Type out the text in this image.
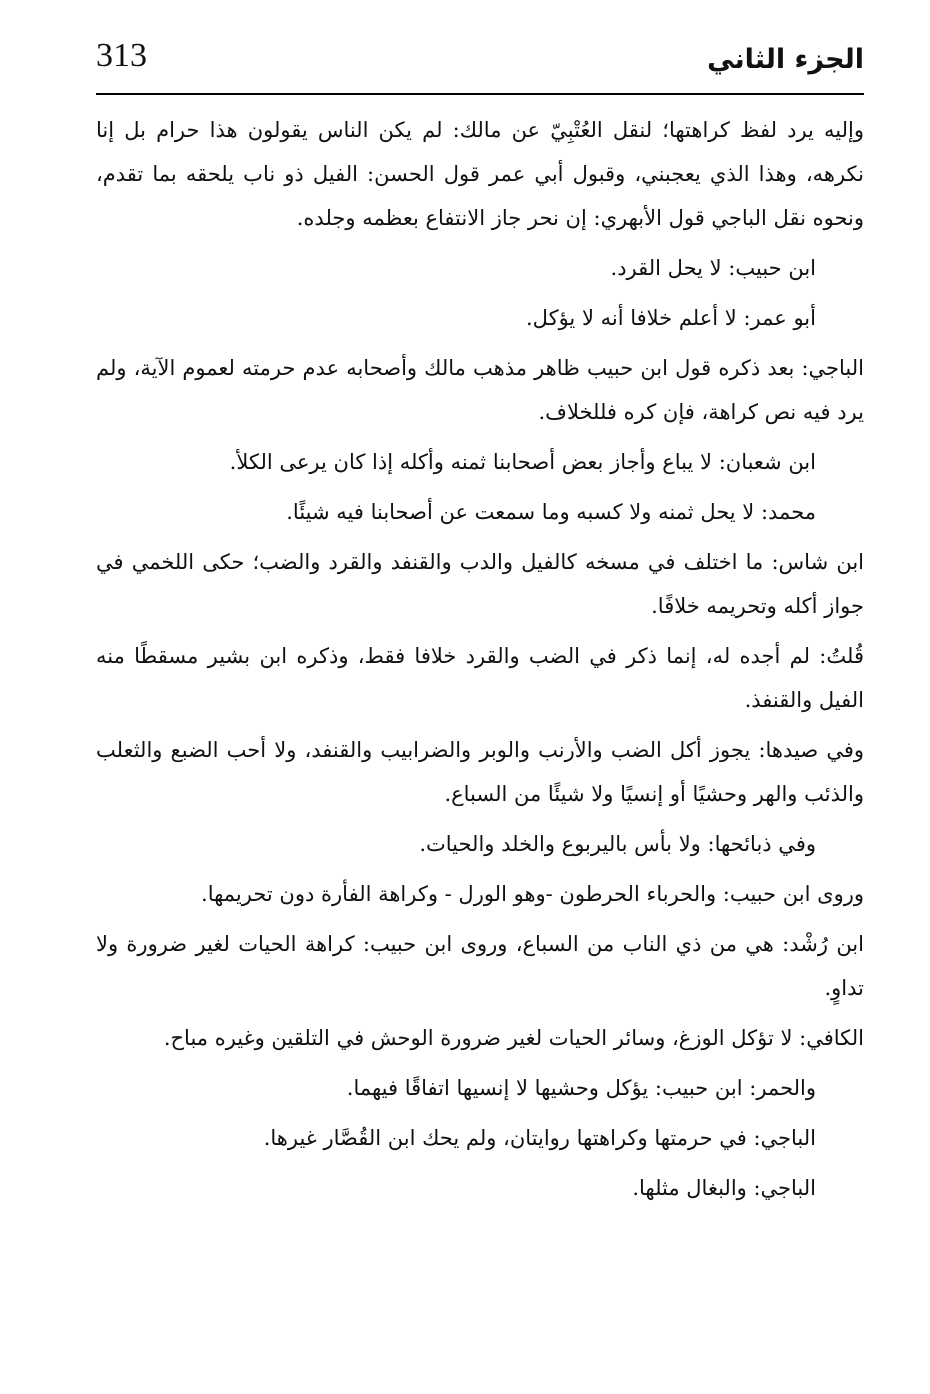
313	الجزء الثاني

وإليه يرد لفظ كراهتها؛ لنقل العُتْبِيّ عن مالك: لم يكن الناس يقولون هذا حرام بل إنا نكرهه، وهذا الذي يعجبني، وقبول أبي عمر قول الحسن: الفيل ذو ناب يلحقه بما تقدم، ونحوه نقل الباجي قول الأبهري: إن نحر جاز الانتفاع بعظمه وجلده.

ابن حبيب: لا يحل القرد.

أبو عمر: لا أعلم خلافا أنه لا يؤكل.

الباجي: بعد ذكره قول ابن حبيب ظاهر مذهب مالك وأصحابه عدم حرمته لعموم الآية، ولم يرد فيه نص كراهة، فإن كره فللخلاف.

ابن شعبان: لا يباع وأجاز بعض أصحابنا ثمنه وأكله إذا كان يرعى الكلأ.

محمد: لا يحل ثمنه ولا كسبه وما سمعت عن أصحابنا فيه شيئًا.

ابن شاس: ما اختلف في مسخه كالفيل والدب والقنفد والقرد والضب؛ حكى اللخمي في جواز أكله وتحريمه خلافًا.

قُلتُ: لم أجده له، إنما ذكر في الضب والقرد خلافا فقط، وذكره ابن بشير مسقطًا منه الفيل والقنفذ.

وفي صيدها: يجوز أكل الضب والأرنب والوبر والضرابيب والقنفد، ولا أحب الضبع والثعلب والذئب والهر وحشيًا أو إنسيًا ولا شيئًا من السباع.

وفي ذبائحها: ولا بأس باليربوع والخلد والحيات.

وروى ابن حبيب: والحرباء الحرطون -وهو الورل - وكراهة الفأرة دون تحريمها.

ابن رُشْد: هي من ذي الناب من السباع، وروى ابن حبيب: كراهة الحيات لغير ضرورة ولا تداوٍ.

الكافي: لا تؤكل الوزغ، وسائر الحيات لغير ضرورة الوحش في التلقين وغيره مباح.

والحمر: ابن حبيب: يؤكل وحشيها لا إنسيها اتفاقًا فيهما.

الباجي: في حرمتها وكراهتها روايتان، ولم يحك ابن القُصَّار غيرها.

الباجي: والبغال مثلها.
